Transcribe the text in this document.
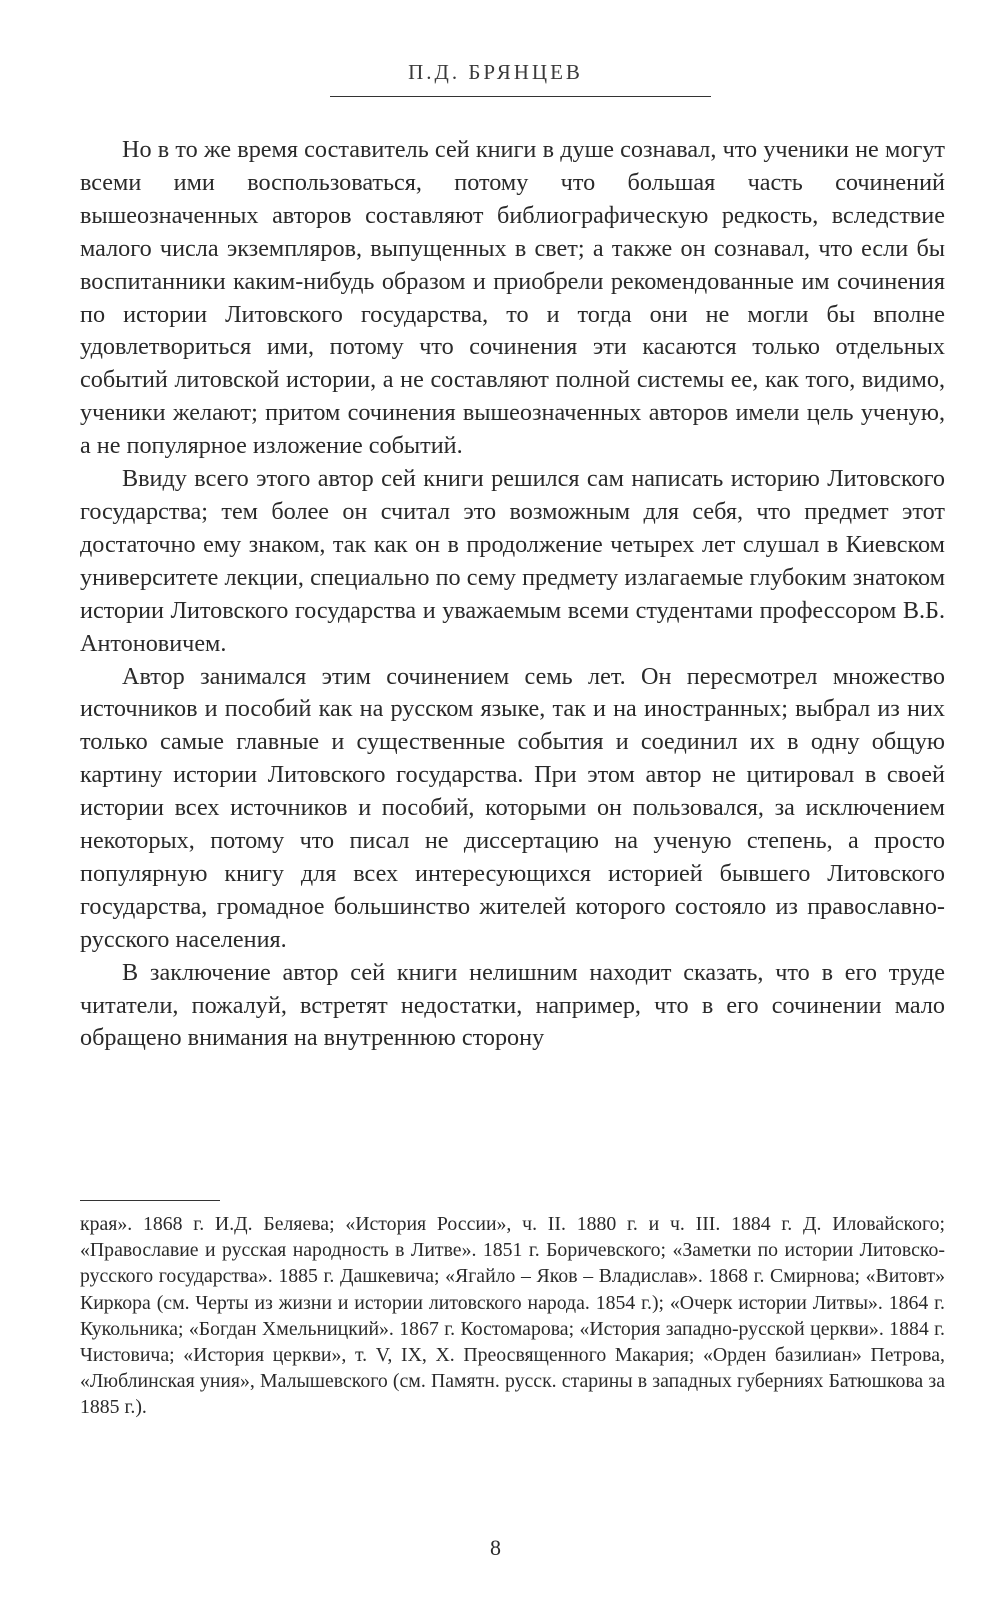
П.Д. БРЯНЦЕВ

Но в то же время составитель сей книги в душе сознавал, что ученики не могут всеми ими воспользоваться, потому что большая часть сочинений вышеозначенных авторов составляют библиографическую редкость, вследствие малого числа экземпляров, выпущенных в свет; а также он сознавал, что если бы воспитанники каким-нибудь образом и приобрели рекомендованные им сочинения по истории Литовского государства, то и тогда они не могли бы вполне удовлетвориться ими, потому что сочинения эти касаются только отдельных событий литовской истории, а не составляют полной системы ее, как того, видимо, ученики желают; притом сочинения вышеозначенных авторов имели цель ученую, а не популярное изложение событий.

Ввиду всего этого автор сей книги решился сам написать историю Литовского государства; тем более он считал это возможным для себя, что предмет этот достаточно ему знаком, так как он в продолжение четырех лет слушал в Киевском университете лекции, специально по сему предмету излагаемые глубоким знатоком истории Литовского государства и уважаемым всеми студентами профессором В.Б. Антоновичем.

Автор занимался этим сочинением семь лет. Он пересмотрел множество источников и пособий как на русском языке, так и на иностранных; выбрал из них только самые главные и существенные события и соединил их в одну общую картину истории Литовского государства. При этом автор не цитировал в своей истории всех источников и пособий, которыми он пользовался, за исключением некоторых, потому что писал не диссертацию на ученую степень, а просто популярную книгу для всех интересующихся историей бывшего Литовского государства, громадное большинство жителей которого состояло из православно-русского населения.

В заключение автор сей книги нелишним находит сказать, что в его труде читатели, пожалуй, встретят недостатки, например, что в его сочинении мало обращено внимания на внутреннюю сторону

края». 1868 г. И.Д. Беляева; «История России», ч. II. 1880 г. и ч. III. 1884 г. Д. Иловайского; «Православие и русская народность в Литве». 1851 г. Боричевского; «Заметки по истории Литовско-русского государства». 1885 г. Дашкевича; «Ягайло – Яков – Владислав». 1868 г. Смирнова; «Витовт» Киркора (см. Черты из жизни и истории литовского народа. 1854 г.); «Очерк истории Литвы». 1864 г. Кукольника; «Богдан Хмельницкий». 1867 г. Костомарова; «История западно-русской церкви». 1884 г. Чистовича; «История церкви», т. V, IX, X. Преосвященного Макария; «Орден базилиан» Петрова, «Люблинская уния», Малышевского (см. Памятн. русск. старины в западных губерниях Батюшкова за 1885 г.).

8
